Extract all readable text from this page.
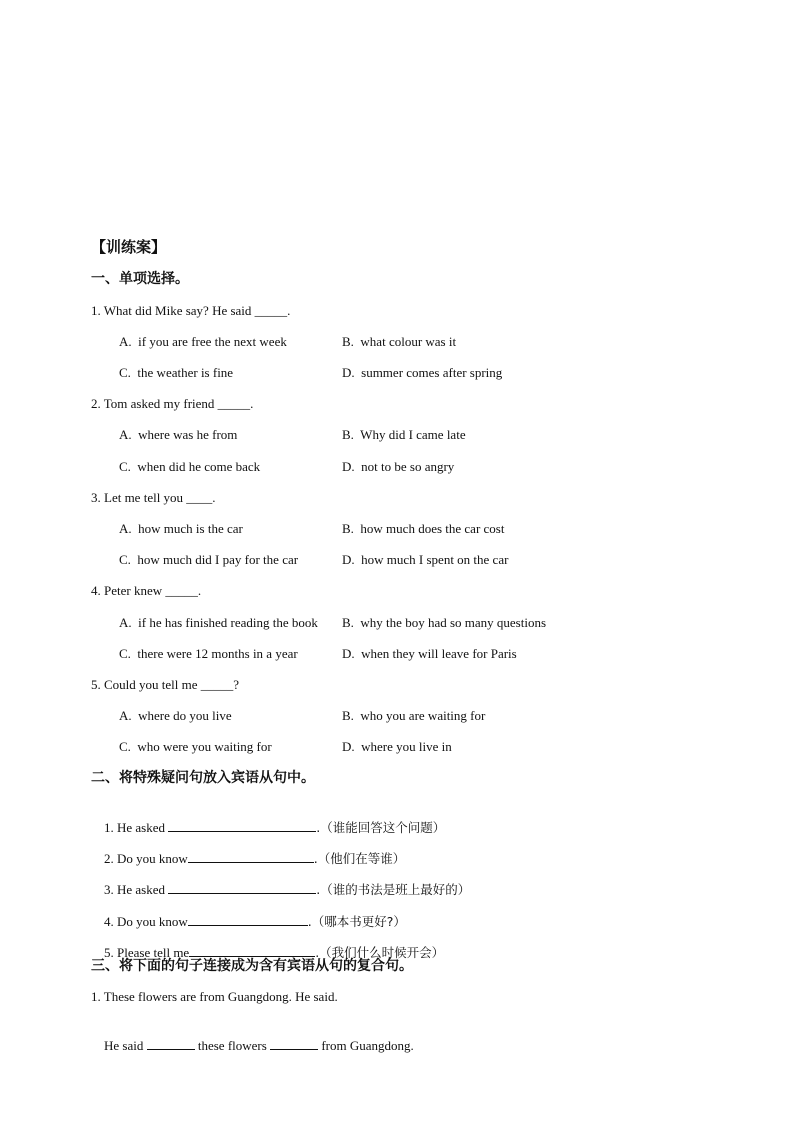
【训练案】
一、单项选择。
1. What did Mike say? He said _____.
A.  if you are free the next week	B.  what colour was it
C.  the weather is fine	D.  summer comes after spring
2. Tom asked my friend _____.
A.  where was he from	B.  Why did I came late
C.  when did he come back	D.  not to be so angry
3. Let me tell you ____.
A.  how much is the car	B.  how much does the car cost
C.  how much did I pay for the car	D.  how much I spent on the car
4. Peter knew _____.
A.  if he has finished reading the book B.  why the boy had so many questions
C.  there were 12 months in a year	D.  when they will leave for Paris
5. Could you tell me _____?
A.  where do you live	B.  who you are waiting for
C.  who were you waiting for	D.  where you live in
二、将特殊疑问句放入宾语从句中。

1. He asked	.（谁能回答这个问题）

2. Do you know	.（他们在等谁）

3. He asked	.（谁的书法是班上最好的）

4. Do you know	.（哪本书更好?）

5. Please tell me	.（我们什么时候开会）

三、将下面的句子连接成为含有宾语从句的复合句。
1. These flowers are from Guangdong. He said.

He said	these flowers	from Guangdong.
